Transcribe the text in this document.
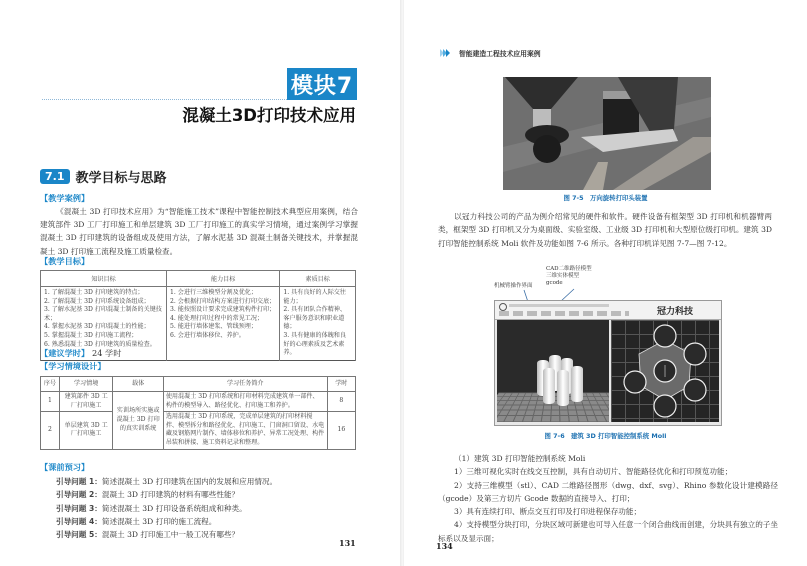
模块7
混凝土3D打印技术应用
7.1 教学目标与思路
【教学案例】
《混凝土 3D 打印技术应用》为“智能施工技术”课程中智能控制技术典型应用案例，结合建筑部件 3D 工厂打印施工和单层建筑 3D 工厂打印施工的真实学习情境，通过案例学习掌握混凝土 3D 打印建筑的设备组成及使用方法，了解水泥基 3D 混凝土制备关键技术，并掌握混凝土 3D 打印施工流程及施工质量检查。
【教学目标】
知识目标	能力目标	素质目标

1. 了解混凝土 3D 打印建筑的特点；
2. 了解混凝土 3D 打印系统设备组成；
3. 了解水泥基 3D 打印混凝土制备的关键技术；
4. 掌握水泥基 3D 打印混凝土的性能；
5. 掌握混凝土 3D 打印施工流程；
6. 熟悉混凝土 3D 打印建筑的质量检查。

1. 会进行三维模型分割及优化；
2. 会根据打印结构方案进行打印交底；
3. 能按照设计要求完成建筑构件打印；
4. 能处理打印过程中的常见工况；
5. 能进行墙体建浆、管线预埋；
6. 会进行墙体移位、养护。

1. 具有良好的人际交往能力；
2. 具有团队合作精神、客户服务意识和职业道德；
3. 具有健康的体魄和良好的心理素质及艺术素养。
【建议学时】 24 学时
【学习情境设计】
序号	学习情境	载体	学习任务简介	学时
1	建筑部件 3D 工厂打印施工	实训场所实施或混凝土 3D 打印的真实训系统	使用混凝土 3D 打印系统和打印材料完成建筑单一部件、构件的模型导入、路径优化、打印施工和养护。	8
2	单层建筑 3D 工厂打印施工		选用混凝土 3D 打印系统，完成单层建筑的打印材料搅拌、模型拆分和路径优化、打印施工、门窗洞口留设、水电藏及钢筋网片制作、墙体移位和养护、异常工况处理、构件吊装和拼接、施工资料记录和整理。	16
【课前预习】
引导问题 1：简述混凝土 3D 打印建筑在国内的发展和应用情况。
引导问题 2：混凝土 3D 打印建筑的材料有哪些性能？
引导问题 3：简述混凝土 3D 打印设备系统组成和种类。
引导问题 4：简述混凝土 3D 打印的施工流程。
引导问题 5：混凝土 3D 打印施工中一般工况有哪些？
131
智能建造工程技术应用案例
图 7-5　万向旋转打印头装置
以冠力科技公司的产品为例介绍常见的硬件和软件。硬件设备有框架型 3D 打印机和机器臂两类，框架型 3D 打印机又分为桌面级、实验室级、工业级 3D 打印机和大型原位级打印机。建筑 3D 打印智能控制系统 Moli 软件及功能如图 7-6 所示。各种打印机详见图 7-7—图 7-12。
CAD二维路径模型
三维实体模型
gcode
机械臂操作界面
冠力科技
图 7-6　建筑 3D 打印智能控制系统 Moli
（1）建筑 3D 打印智能控制系统 Moli
1）三维可视化实时在线交互控制，具有自动切片、智能路径优化和打印预览功能；
2）支持三维模型（stl）、CAD 二维路径图形（dwg、dxf、svg）、Rhino 参数化设计建模路径（gcode）及第三方切片 Gcode 数据的直接导入、打印；
3）具有连续打印、断点交互打印及打印进程保存功能；
4）支持模型分块打印，分块区域可新建也可导入任意一个闭合曲线而创建，分块具有独立的子坐标系以及显示面；
134
